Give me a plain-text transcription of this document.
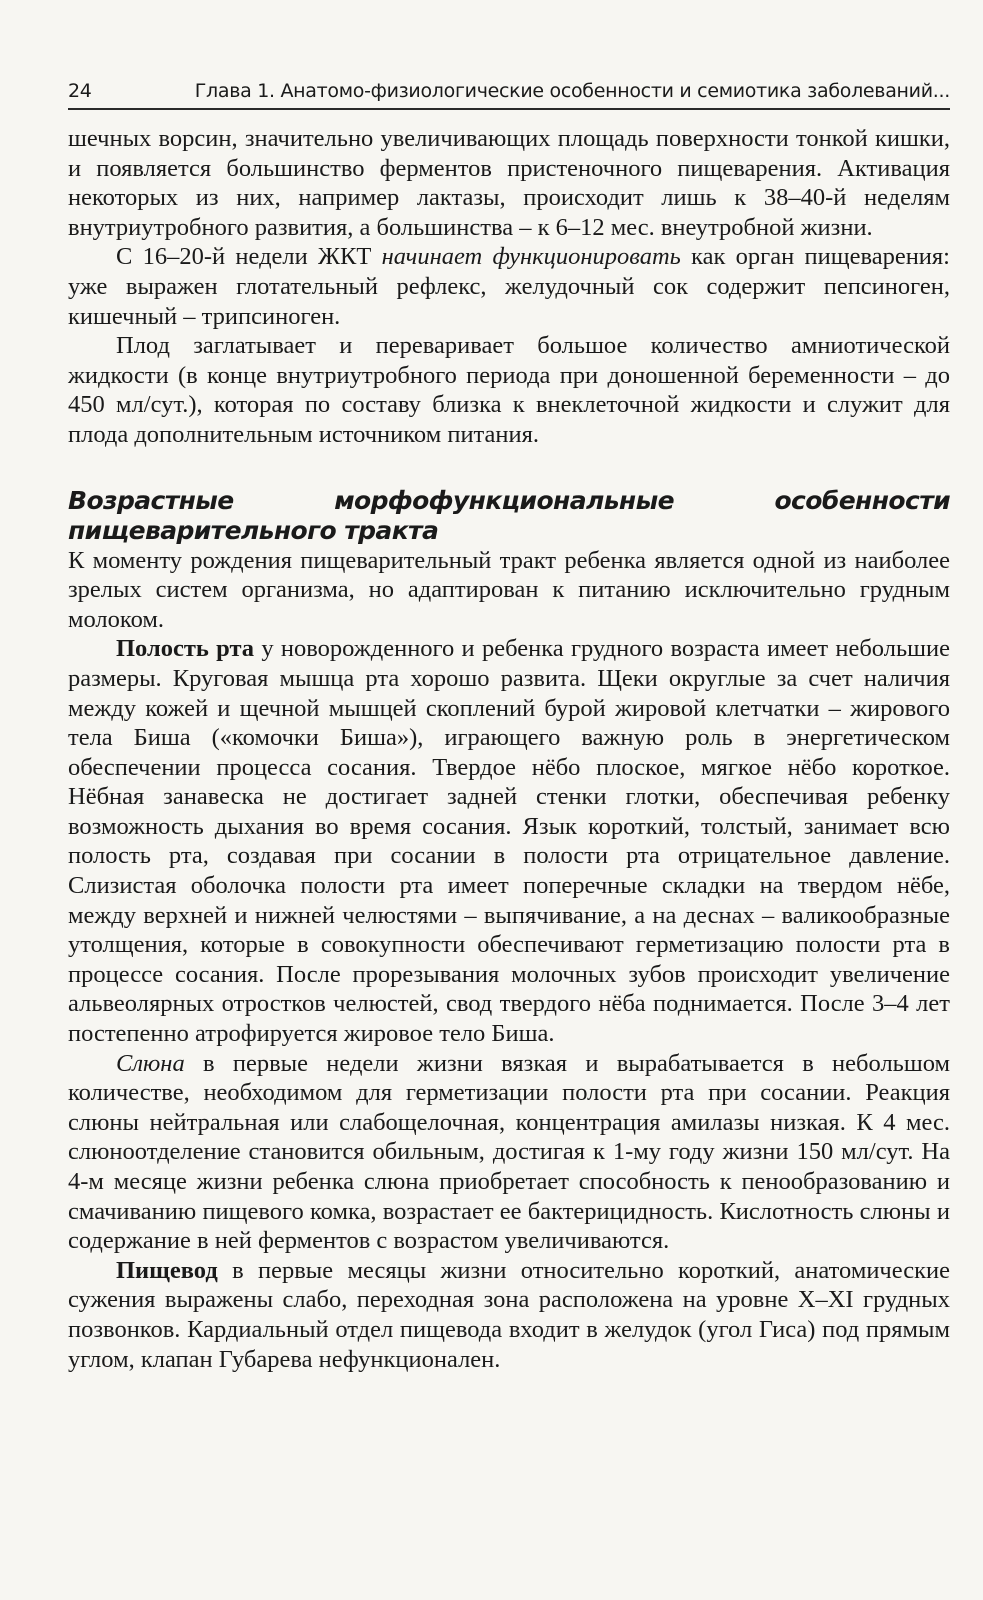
24	Глава 1. Анатомо-физиологические особенности и семиотика заболеваний...

шечных ворсин, значительно увеличивающих площадь поверхности тонкой кишки, и появляется большинство ферментов пристеночного пищеварения. Активация некоторых из них, например лактазы, происходит лишь к 38–40-й неделям внутриутробного развития, а большинства – к 6–12 мес. внеутробной жизни.

С 16–20-й недели ЖКТ начинает функционировать как орган пищеварения: уже выражен глотательный рефлекс, желудочный сок содержит пепсиноген, кишечный – трипсиноген.

Плод заглатывает и переваривает большое количество амниотической жидкости (в конце внутриутробного периода при доношенной беременности – до 450 мл/сут.), которая по составу близка к внеклеточной жидкости и служит для плода дополнительным источником питания.

Возрастные морфофункциональные особенности пищеварительного тракта

К моменту рождения пищеварительный тракт ребенка является одной из наиболее зрелых систем организма, но адаптирован к питанию исключительно грудным молоком.

Полость рта у новорожденного и ребенка грудного возраста имеет небольшие размеры. Круговая мышца рта хорошо развита. Щеки округлые за счет наличия между кожей и щечной мышцей скоплений бурой жировой клетчатки – жирового тела Биша («комочки Биша»), играющего важную роль в энергетическом обеспечении процесса сосания. Твердое нёбо плоское, мягкое нёбо короткое. Нёбная занавеска не достигает задней стенки глотки, обеспечивая ребенку возможность дыхания во время сосания. Язык короткий, толстый, занимает всю полость рта, создавая при сосании в полости рта отрицательное давление. Слизистая оболочка полости рта имеет поперечные складки на твердом нёбе, между верхней и нижней челюстями – выпячивание, а на деснах – валикообразные утолщения, которые в совокупности обеспечивают герметизацию полости рта в процессе сосания. После прорезывания молочных зубов происходит увеличение альвеолярных отростков челюстей, свод твердого нёба поднимается. После 3–4 лет постепенно атрофируется жировое тело Биша.

Слюна в первые недели жизни вязкая и вырабатывается в небольшом количестве, необходимом для герметизации полости рта при сосании. Реакция слюны нейтральная или слабощелочная, концентрация амилазы низкая. К 4 мес. слюноотделение становится обильным, достигая к 1-му году жизни 150 мл/сут. На 4-м месяце жизни ребенка слюна приобретает способность к пенообразованию и смачиванию пищевого комка, возрастает ее бактерицидность. Кислотность слюны и содержание в ней ферментов с возрастом увеличиваются.

Пищевод в первые месяцы жизни относительно короткий, анатомические сужения выражены слабо, переходная зона расположена на уровне X–XI грудных позвонков. Кардиальный отдел пищевода входит в желудок (угол Гиса) под прямым углом, клапан Губарева нефункционален.
